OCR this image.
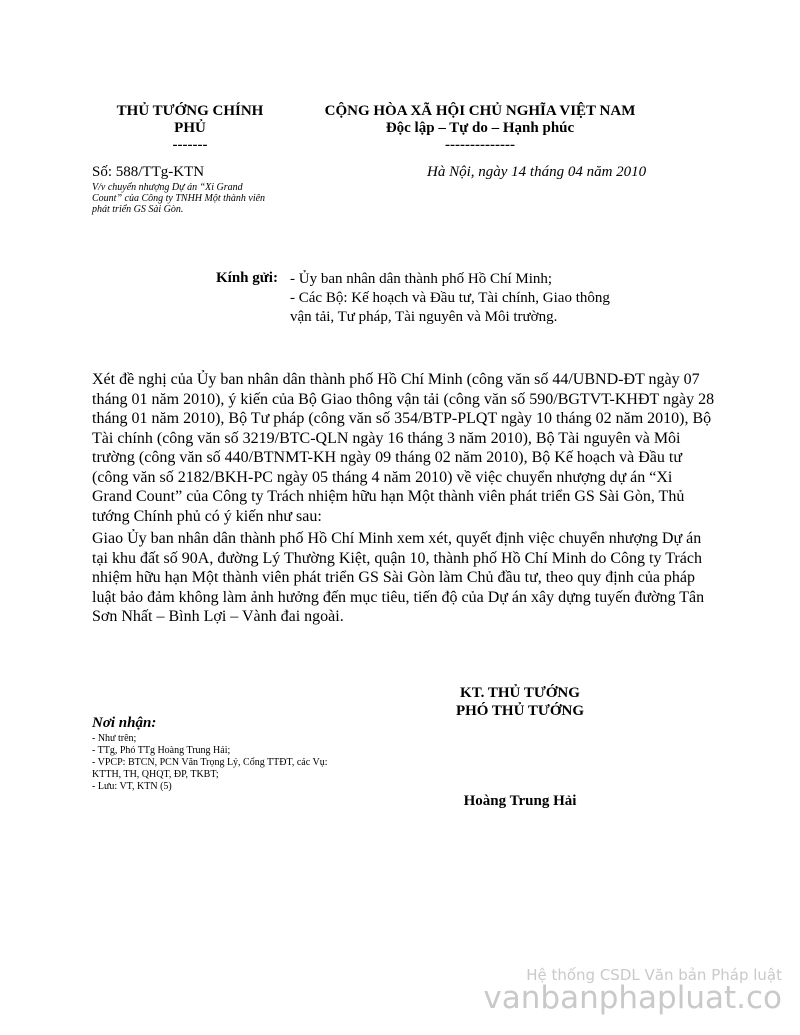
THỦ TƯỚNG CHÍNH
PHỦ
-------
CỘNG HÒA XÃ HỘI CHỦ NGHĨA VIỆT NAM
Độc lập – Tự do – Hạnh phúc
--------------
Số: 588/TTg-KTN
V/v chuyển nhượng Dự án “Xi Grand
Count” của Công ty TNHH Một thành viên
phát triển GS Sài Gòn.
Hà Nội, ngày 14 tháng 04 năm 2010
Kính gửi: - Ủy ban nhân dân thành phố Hồ Chí Minh;
- Các Bộ: Kế hoạch và Đầu tư, Tài chính, Giao thông
vận tải, Tư pháp, Tài nguyên và Môi trường.
Xét đề nghị của Ủy ban nhân dân thành phố Hồ Chí Minh (công văn số 44/UBND-ĐT ngày 07
tháng 01 năm 2010), ý kiến của Bộ Giao thông vận tải (công văn số 590/BGTVT-KHĐT ngày 28
tháng 01 năm 2010), Bộ Tư pháp (công văn số 354/BTP-PLQT ngày 10 tháng 02 năm 2010), Bộ
Tài chính (công văn số 3219/BTC-QLN ngày 16 tháng 3 năm 2010), Bộ Tài nguyên và Môi
trường (công văn số 440/BTNMT-KH ngày 09 tháng 02 năm 2010), Bộ Kế hoạch và Đầu tư
(công văn số 2182/BKH-PC ngày 05 tháng 4 năm 2010) về việc chuyển nhượng dự án “Xi
Grand Count” của Công ty Trách nhiệm hữu hạn Một thành viên phát triển GS Sài Gòn, Thủ
tướng Chính phủ có ý kiến như sau:
Giao Ủy ban nhân dân thành phố Hồ Chí Minh xem xét, quyết định việc chuyển nhượng Dự án
tại khu đất số 90A, đường Lý Thường Kiệt, quận 10, thành phố Hồ Chí Minh do Công ty Trách
nhiệm hữu hạn Một thành viên phát triển GS Sài Gòn làm Chủ đầu tư, theo quy định của pháp
luật bảo đảm không làm ảnh hưởng đến mục tiêu, tiến độ của Dự án xây dựng tuyến đường Tân
Sơn Nhất – Bình Lợi – Vành đai ngoài.
KT. THỦ TƯỚNG
PHÓ THỦ TƯỚNG
Hoàng Trung Hải
Nơi nhận:
- Như trên;
- TTg, Phó TTg Hoàng Trung Hải;
- VPCP: BTCN, PCN Văn Trọng Lý, Cổng TTĐT, các Vụ:
KTTH, TH, QHQT, ĐP, TKBT;
- Lưu: VT, KTN (5)
Hệ thống CSDL Văn bản Pháp luật
vanbanphapluat.co
